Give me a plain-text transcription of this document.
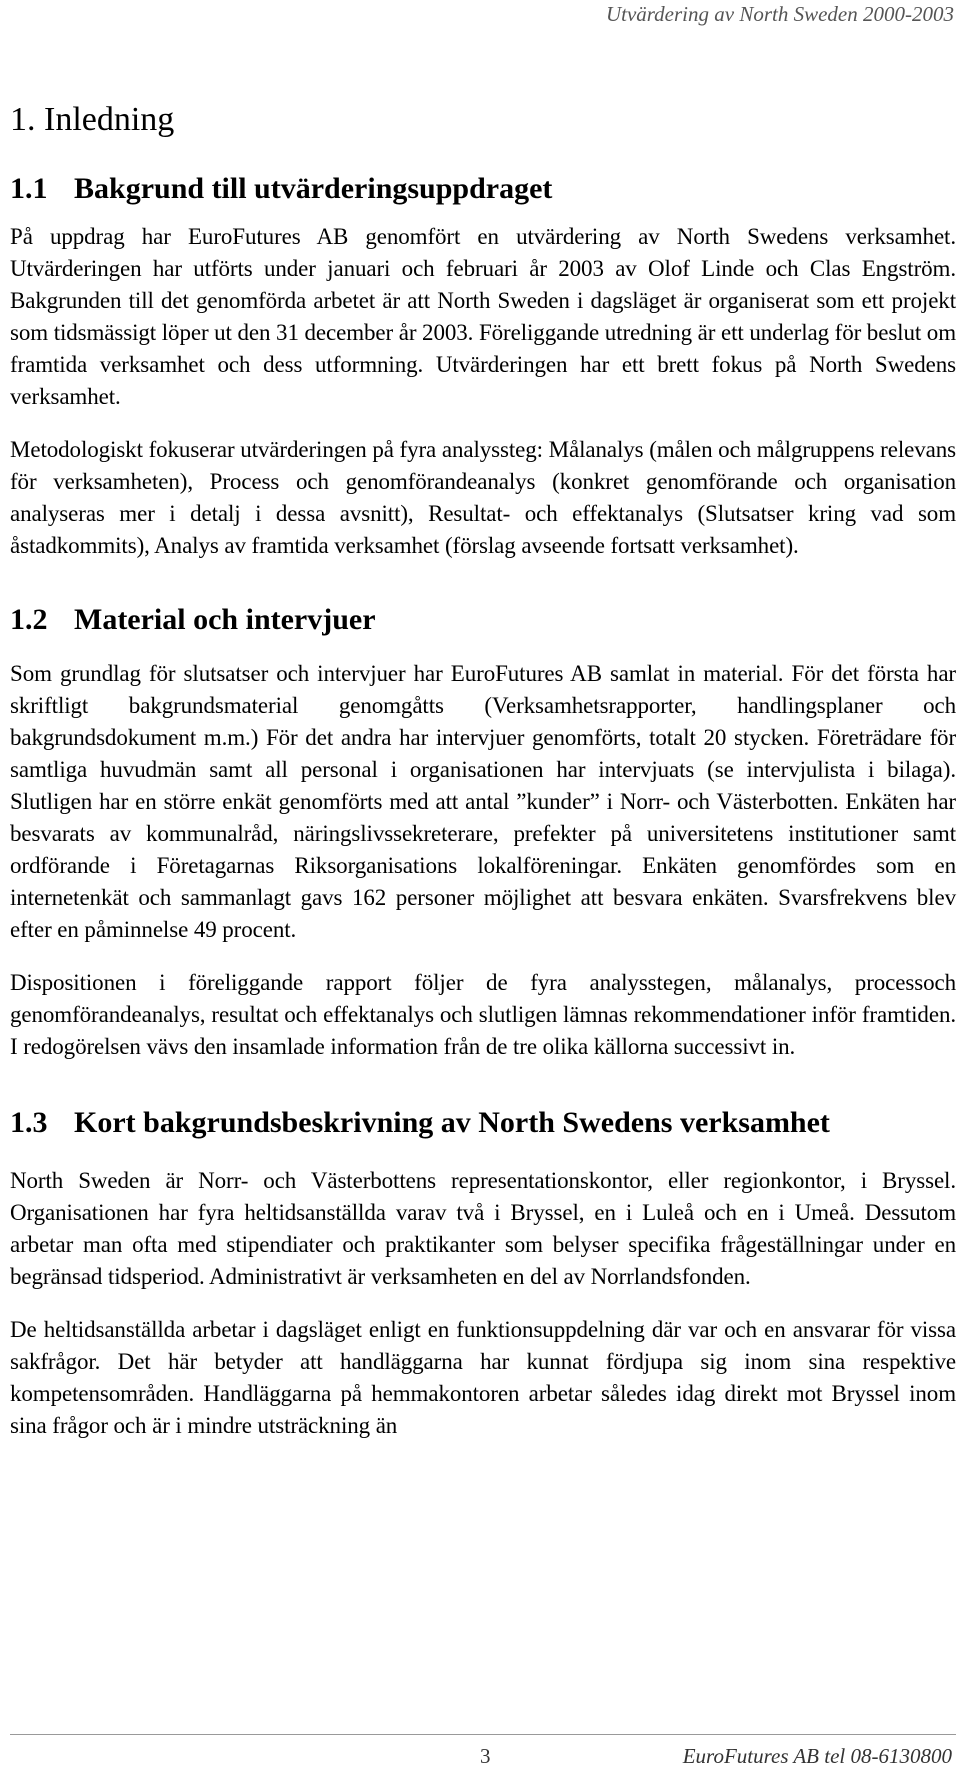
Utvärdering av North Sweden 2000-2003
1. Inledning
1.1 Bakgrund till utvärderingsuppdraget

På uppdrag har EuroFutures AB genomfört en utvärdering av North Swedens verksamhet. Utvärderingen har utförts under januari och februari år 2003 av Olof Linde och Clas Engström. Bakgrunden till det genomförda arbetet är att North Sweden i dagsläget är organiserat som ett projekt som tidsmässigt löper ut den 31 december år 2003. Föreliggande utredning är ett underlag för beslut om framtida verksamhet och dess utformning. Utvärderingen har ett brett fokus på North Swedens verksamhet.

Metodologiskt fokuserar utvärderingen på fyra analyssteg: Målanalys (målen och målgruppens relevans för verksamheten), Process och genomförandeanalys (konkret genomförande och organisation analyseras mer i detalj i dessa avsnitt), Resultat- och effektanalys (Slutsatser kring vad som åstadkommits), Analys av framtida verksamhet (förslag avseende fortsatt verksamhet).

1.2 Material och intervjuer

Som grundlag för slutsatser och intervjuer har EuroFutures AB samlat in material. För det första har skriftligt bakgrundsmaterial genomgåtts (Verksamhetsrapporter, handlingsplaner och bakgrundsdokument m.m.) För det andra har intervjuer genomförts, totalt 20 stycken. Företrädare för samtliga huvudmän samt all personal i organisationen har intervjuats (se intervjulista i bilaga). Slutligen har en större enkät genomförts med att antal ”kunder” i Norr- och Västerbotten. Enkäten har besvarats av kommunalråd, näringslivssekreterare, prefekter på universitetens institutioner samt ordförande i Företagarnas Riksorganisations lokalföreningar. Enkäten genomfördes som en internetenkät och sammanlagt gavs 162 personer möjlighet att besvara enkäten. Svarsfrekvens blev efter en påminnelse 49 procent.

Dispositionen i föreliggande rapport följer de fyra analysstegen, målanalys, processoch genomförandeanalys, resultat och effektanalys och slutligen lämnas rekommendationer inför framtiden. I redogörelsen vävs den insamlade information från de tre olika källorna successivt in.

1.3 Kort bakgrundsbeskrivning av North Swedens verksamhet

North Sweden är Norr- och Västerbottens representationskontor, eller regionkontor, i Bryssel. Organisationen har fyra heltidsanställda varav två i Bryssel, en i Luleå och en i Umeå. Dessutom arbetar man ofta med stipendiater och praktikanter som belyser specifika frågeställningar under en begränsad tidsperiod. Administrativt är verksamheten en del av Norrlandsfonden.

De heltidsanställda arbetar i dagsläget enligt en funktionsuppdelning där var och en ansvarar för vissa sakfrågor. Det här betyder att handläggarna har kunnat fördjupa sig inom sina respektive kompetensområden. Handläggarna på hemmakontoren arbetar således idag direkt mot Bryssel inom sina frågor och är i mindre utsträckning än

3	EuroFutures AB tel 08-6130800
